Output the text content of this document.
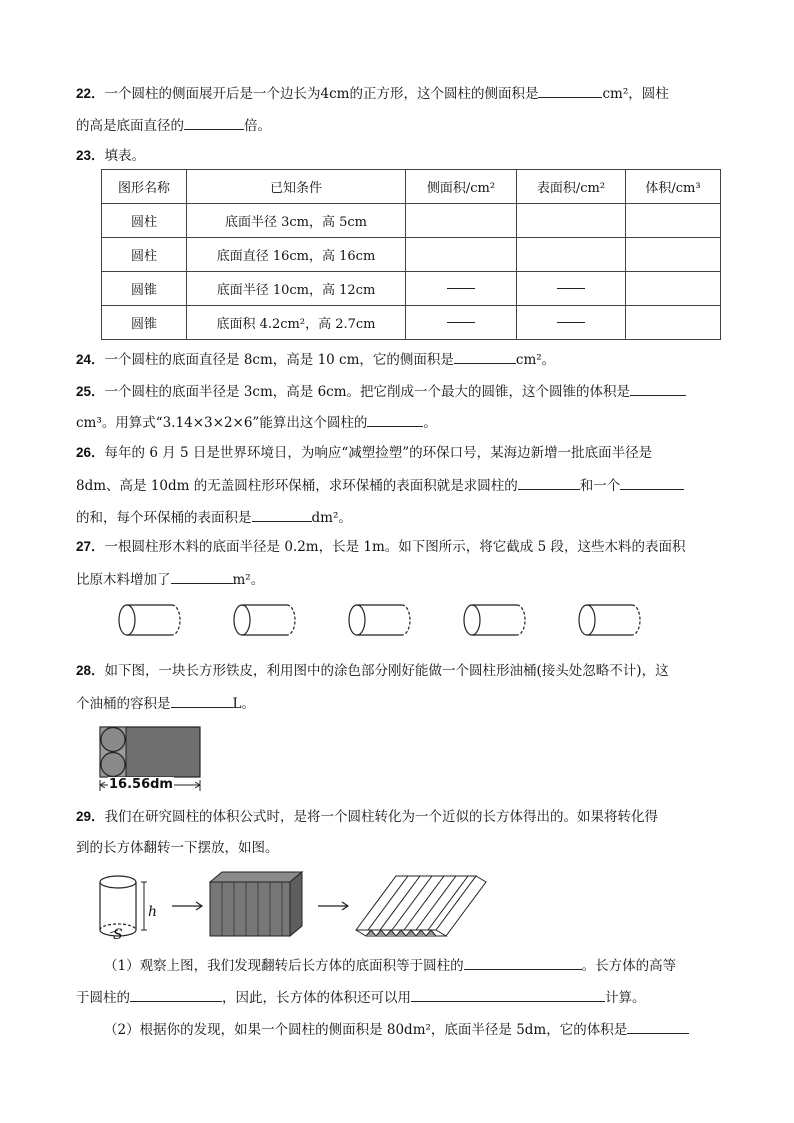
22．一个圆柱的侧面展开后是一个边长为4cm的正方形，这个圆柱的侧面积是	cm²，圆柱
的高是底面直径的	倍。
23．填表。
图形名称	已知条件	侧面积/cm²	表面积/cm²	体积/cm³
圆柱	底面半径 3cm，高 5cm			
圆柱	底面直径 16cm，高 16cm			
圆锥	底面半径 10cm，高 12cm			
圆锥	底面积 4.2cm²，高 2.7cm			
24．一个圆柱的底面直径是 8cm，高是 10 cm，它的侧面积是	cm²。
25．一个圆柱的底面半径是 3cm，高是 6cm。把它削成一个最大的圆锥，这个圆锥的体积是
cm³。用算式“3.14×3×2×6”能算出这个圆柱的	。
26．每年的 6 月 5 日是世界环境日，为响应“减塑捡塑”的环保口号，某海边新增一批底面半径是
8dm、高是 10dm 的无盖圆柱形环保桶，求环保桶的表面积就是求圆柱的	和一个
的和，每个环保桶的表面积是	dm²。
27．一根圆柱形木料的底面半径是 0.2m，长是 1m。如下图所示，将它截成 5 段，这些木料的表面积
比原木料增加了	m²。
28．如下图，一块长方形铁皮，利用图中的涂色部分刚好能做一个圆柱形油桶(接头处忽略不计)，这
个油桶的容积是	L。
16.56dm
29．我们在研究圆柱的体积公式时，是将一个圆柱转化为一个近似的长方体得出的。如果将转化得
到的长方体翻转一下摆放，如图。
h
S
（1）观察上图，我们发现翻转后长方体的底面积等于圆柱的	。长方体的高等
于圆柱的	，因此，长方体的体积还可以用	计算。
（2）根据你的发现，如果一个圆柱的侧面积是 80dm²，底面半径是 5dm，它的体积是
